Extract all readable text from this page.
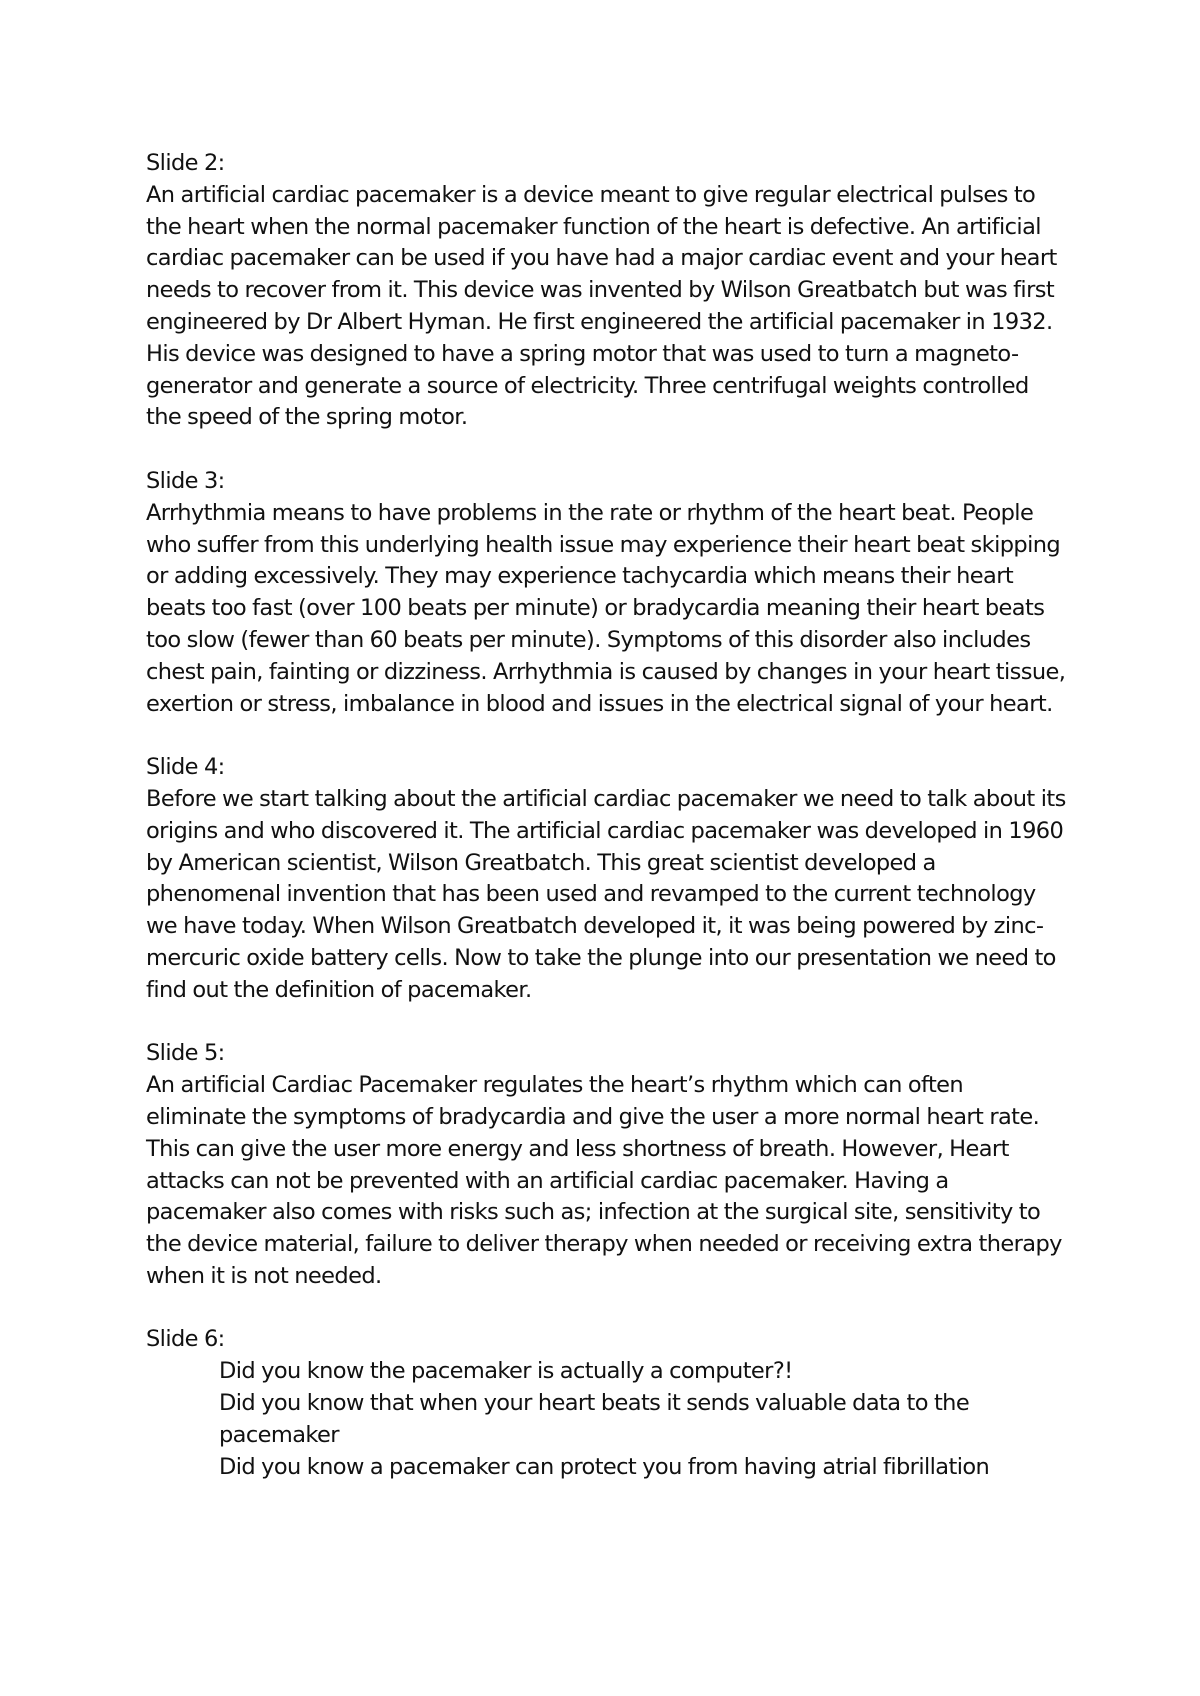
Slide 2:
An artificial cardiac pacemaker is a device meant to give regular electrical pulses to the heart when the normal pacemaker function of the heart is defective. An artificial cardiac pacemaker can be used if you have had a major cardiac event and your heart needs to recover from it. This device was invented by Wilson Greatbatch but was first engineered by Dr Albert Hyman. He first engineered the artificial pacemaker in 1932. His device was designed to have a spring motor that was used to turn a magneto-generator and generate a source of electricity. Three centrifugal weights controlled the speed of the spring motor.
Slide 3:
Arrhythmia means to have problems in the rate or rhythm of the heart beat. People who suffer from this underlying health issue may experience their heart beat skipping or adding excessively. They may experience tachycardia which means their heart beats too fast (over 100 beats per minute) or bradycardia meaning their heart beats too slow (fewer than 60 beats per minute). Symptoms of this disorder also includes chest pain, fainting or dizziness. Arrhythmia is caused by changes in your heart tissue, exertion or stress, imbalance in blood and issues in the electrical signal of your heart.
Slide 4:
Before we start talking about the artificial cardiac pacemaker we need to talk about its origins and who discovered it. The artificial cardiac pacemaker was developed in 1960 by American scientist, Wilson Greatbatch. This great scientist developed a phenomenal invention that has been used and revamped to the current technology we have today. When Wilson Greatbatch developed it, it was being powered by zinc-mercuric oxide battery cells. Now to take the plunge into our presentation we need to find out the definition of pacemaker.
Slide 5:
An artificial Cardiac Pacemaker regulates the heart’s rhythm which can often eliminate the symptoms of bradycardia and give the user a more normal heart rate. This can give the user more energy and less shortness of breath. However, Heart attacks can not be prevented with an artificial cardiac pacemaker. Having a pacemaker also comes with risks such as; infection at the surgical site, sensitivity to the device material, failure to deliver therapy when needed or receiving extra therapy when it is not needed.
Slide 6:
Did you know the pacemaker is actually a computer?!
Did you know that when your heart beats it sends valuable data to the pacemaker
Did you know a pacemaker can protect you from having atrial fibrillation
